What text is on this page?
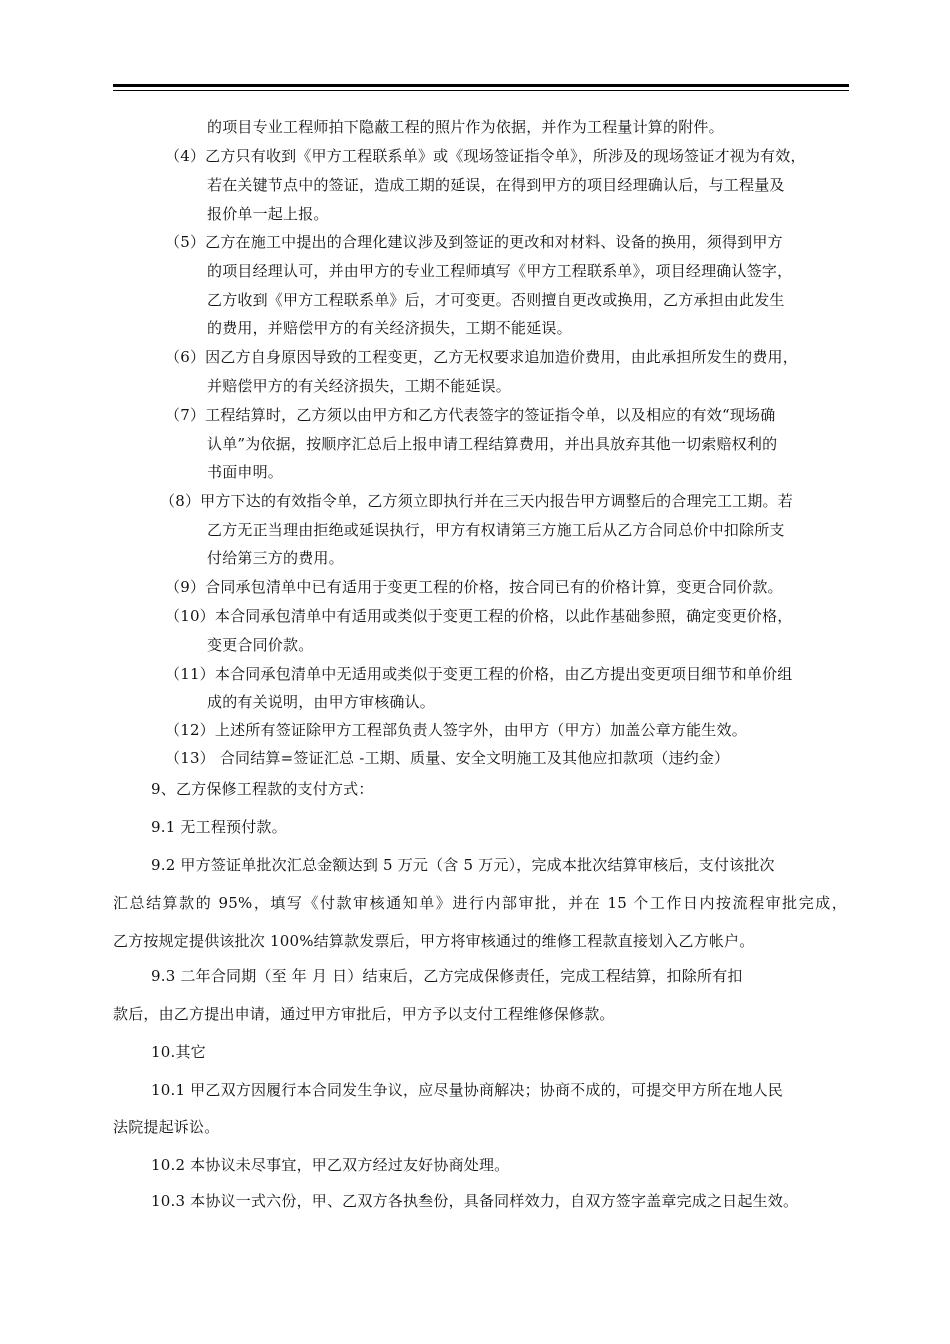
的项目专业工程师拍下隐蔽工程的照片作为依据，并作为工程量计算的附件。
（4）乙方只有收到《甲方工程联系单》或《现场签证指令单》，所涉及的现场签证才视为有效，
若在关键节点中的签证，造成工期的延误，在得到甲方的项目经理确认后，与工程量及
报价单一起上报。
（5）乙方在施工中提出的合理化建议涉及到签证的更改和对材料、设备的换用，须得到甲方
的项目经理认可，并由甲方的专业工程师填写《甲方工程联系单》，项目经理确认签字，
乙方收到《甲方工程联系单》后，才可变更。否则擅自更改或换用，乙方承担由此发生
的费用，并赔偿甲方的有关经济损失，工期不能延误。
（6）因乙方自身原因导致的工程变更，乙方无权要求追加造价费用，由此承担所发生的费用，
并赔偿甲方的有关经济损失，工期不能延误。
（7）工程结算时，乙方须以由甲方和乙方代表签字的签证指令单，以及相应的有效“现场确
认单”为依据，按顺序汇总后上报申请工程结算费用，并出具放弃其他一切索赔权利的
书面申明。
（8）甲方下达的有效指令单，乙方须立即执行并在三天内报告甲方调整后的合理完工工期。若
乙方无正当理由拒绝或延误执行，甲方有权请第三方施工后从乙方合同总价中扣除所支
付给第三方的费用。
（9）合同承包清单中已有适用于变更工程的价格，按合同已有的价格计算，变更合同价款。
（10）本合同承包清单中有适用或类似于变更工程的价格，以此作基础参照，确定变更价格，
变更合同价款。
（11）本合同承包清单中无适用或类似于变更工程的价格，由乙方提出变更项目细节和单价组
成的有关说明，由甲方审核确认。
（12）上述所有签证除甲方工程部负责人签字外，由甲方（甲方）加盖公章方能生效。
（13） 合同结算=签证汇总 -工期、质量、安全文明施工及其他应扣款项（违约金）
9、乙方保修工程款的支付方式：
9.1 无工程预付款。
9.2 甲方签证单批次汇总金额达到 5 万元（含 5 万元），完成本批次结算审核后，支付该批次
汇总结算款的 95%，填写《付款审核通知单》进行内部审批，并在 15 个工作日内按流程审批完成，
乙方按规定提供该批次 100%结算款发票后，甲方将审核通过的维修工程款直接划入乙方帐户。
9.3 二年合同期（至 年 月 日）结束后，乙方完成保修责任，完成工程结算，扣除所有扣
款后，由乙方提出申请，通过甲方审批后，甲方予以支付工程维修保修款。
10.其它
10.1 甲乙双方因履行本合同发生争议，应尽量协商解决；协商不成的，可提交甲方所在地人民
法院提起诉讼。
10.2 本协议未尽事宜，甲乙双方经过友好协商处理。
10.3 本协议一式六份，甲、乙双方各执叁份，具备同样效力，自双方签字盖章完成之日起生效。
